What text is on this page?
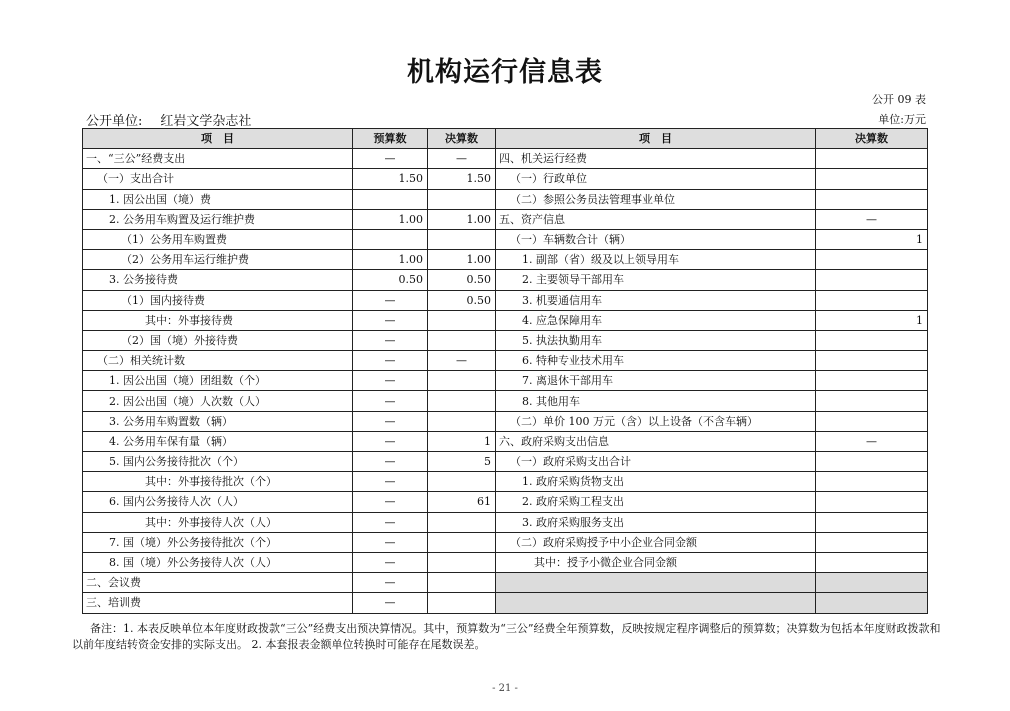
机构运行信息表
公开 09 表
公开单位: 红岩文学杂志社	单位:万元
项　目	预算数	决算数	项　目	决算数
一、“三公”经费支出	—	—	四、机关运行经费	
（一）支出合计	1.50	1.50	（一）行政单位	
1. 因公出国（境）费			（二）参照公务员法管理事业单位	
2. 公务用车购置及运行维护费	1.00	1.00	五、资产信息	—
（1）公务用车购置费			（一）车辆数合计（辆）	1
（2）公务用车运行维护费	1.00	1.00	1. 副部（省）级及以上领导用车	
3. 公务接待费	0.50	0.50	2. 主要领导干部用车	
（1）国内接待费	—	0.50	3. 机要通信用车	
其中：外事接待费	—		4. 应急保障用车	1
（2）国（境）外接待费	—		5. 执法执勤用车	
（二）相关统计数	—	—	6. 特种专业技术用车	
1. 因公出国（境）团组数（个）	—		7. 离退休干部用车	
2. 因公出国（境）人次数（人）	—		8. 其他用车	
3. 公务用车购置数（辆）	—		（二）单价 100 万元（含）以上设备（不含车辆）	
4. 公务用车保有量（辆）	—	1	六、政府采购支出信息	—
5. 国内公务接待批次（个）	—	5	（一）政府采购支出合计	
其中：外事接待批次（个）	—		1. 政府采购货物支出	
6. 国内公务接待人次（人）	—	61	2. 政府采购工程支出	
其中：外事接待人次（人）	—		3. 政府采购服务支出	
7. 国（境）外公务接待批次（个）	—		（二）政府采购授予中小企业合同金额	
8. 国（境）外公务接待人次（人）	—		其中：授予小微企业合同金额	
二、会议费	—			
三、培训费	—			
备注：1. 本表反映单位本年度财政拨款“三公”经费支出预决算情况。其中，预算数为“三公”经费全年预算数，反映按规定程序调整后的预算数；决算数为包括本年度财政拨款和以前年度结转资金安排的实际支出。 2. 本套报表金额单位转换时可能存在尾数误差。
- 21 -
